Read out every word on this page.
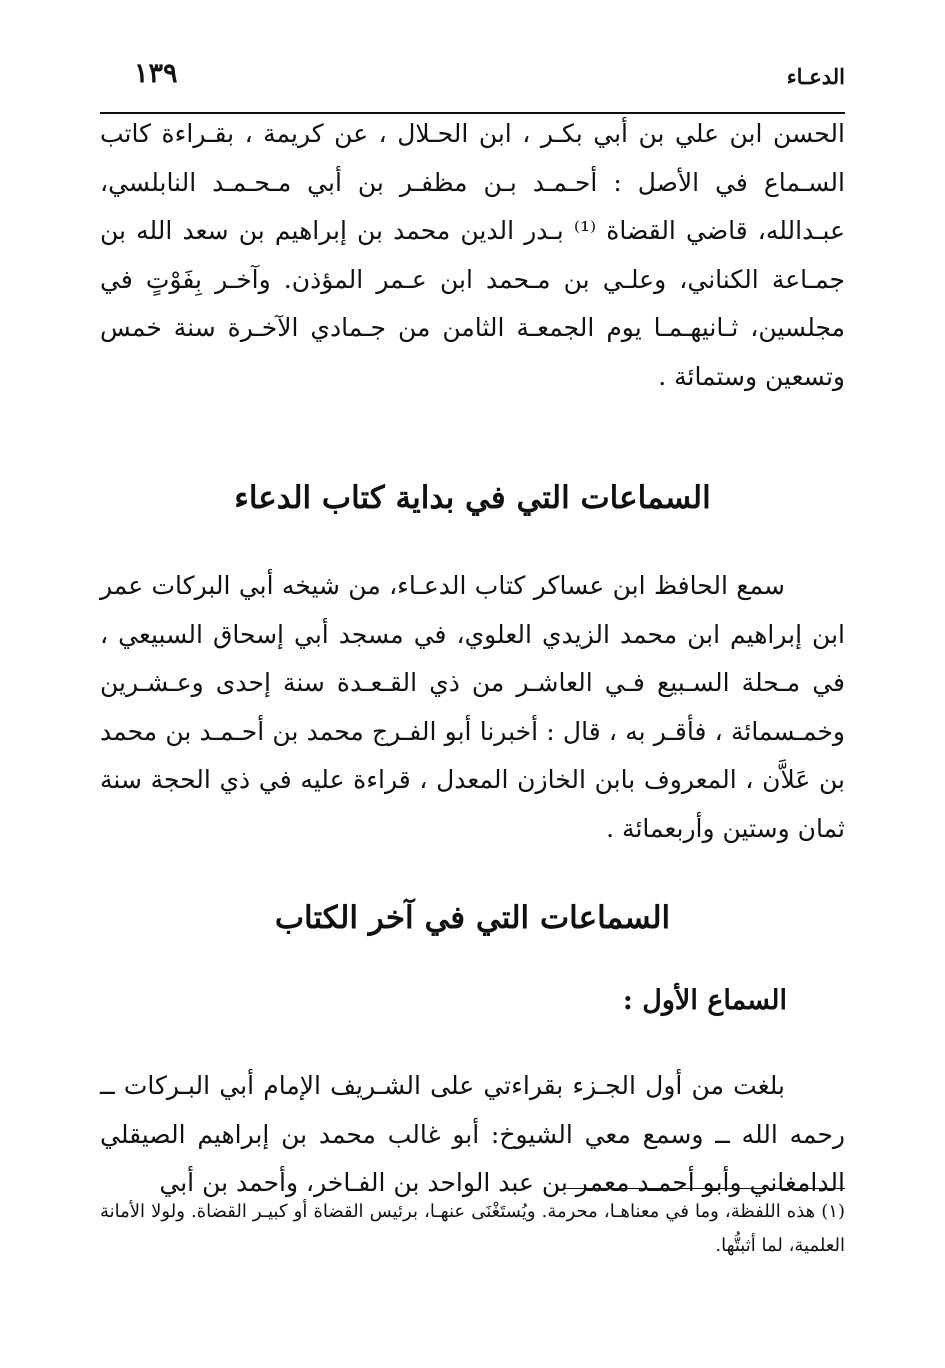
الدعـاء
١٣٩

الحسن ابن علي بن أبي بكـر ، ابن الحـلال ، عن كريمة ، بقـراءة كاتب السـماع في الأصل : أحـمـد بـن مظفـر بن أبي مـحـمـد النابلسي، عبـدالله، قاضي القضاة ⁽¹⁾ بـدر الدين محمد بن إبراهيم بن سعد الله بن جمـاعة الكناني، وعلـي بن مـحمد ابن عـمر المؤذن. وآخـر بِفَوْتٍ في مجلسين، ثـانيهـمـا يوم الجمعـة الثامن من جـمادي الآخـرة سنة خمس وتسعين وستمائة .

السماعات التي في بداية كتاب الدعاء

سمع الحافظ ابن عساكر كتاب الدعـاء، من شيخه أبي البركات عمر ابن إبراهيم ابن محمد الزيدي العلوي، في مسجد أبي إسحاق السبيعي ، في مـحلة السـبيع فـي العاشـر من ذي القـعـدة سنة إحدى وعـشـرين وخمـسمائة ، فأقـر به ، قال : أخبرنا أبو الفـرج محمد بن أحـمـد بن محمد بن عَلاَّن ، المعروف بابن الخازن المعدل ، قراءة عليه في ذي الحجة سنة ثمان وستين وأربعمائة .

السماعات التي في آخر الكتاب
السماع الأول :

بلغت من أول الجـزء بقراءتي على الشـريف الإمام أبي البـركات ــ رحمه الله ــ وسمع معي الشيوخ: أبو غالب محمد بن إبراهيم الصيقلي الدامغاني وأبو أحمـد معمر بن عبد الواحد بن الفـاخر، وأحمد بن أبي

(١) هذه اللفظة، وما في معناهـا، محرمة. ويُستَغْنَى عنهـا، برئيس القضاة أو كبيـر القضاة. ولولا الأمانة العلمية، لما أثبتُّها.
